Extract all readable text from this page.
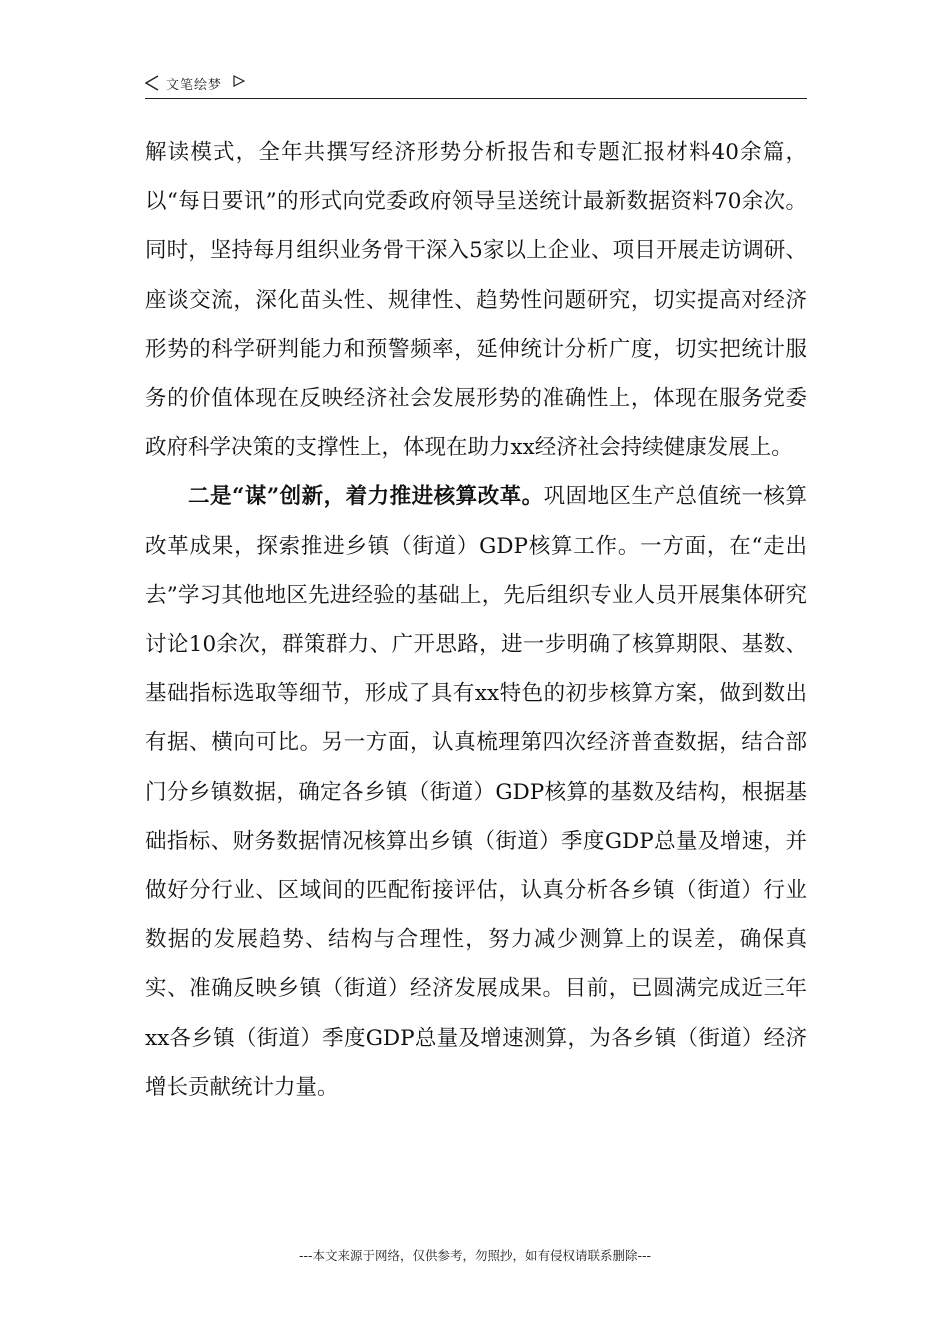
文笔绘梦

解读模式，全年共撰写经济形势分析报告和专题汇报材料40余篇，以“每日要讯”的形式向党委政府领导呈送统计最新数据资料70余次。同时，坚持每月组织业务骨干深入5家以上企业、项目开展走访调研、座谈交流，深化苗头性、规律性、趋势性问题研究，切实提高对经济形势的科学研判能力和预警频率，延伸统计分析广度，切实把统计服务的价值体现在反映经济社会发展形势的准确性上，体现在服务党委政府科学决策的支撑性上，体现在助力xx经济社会持续健康发展上。

二是“谋”创新，着力推进核算改革。巩固地区生产总值统一核算改革成果，探索推进乡镇（街道）GDP核算工作。一方面，在“走出去”学习其他地区先进经验的基础上，先后组织专业人员开展集体研究讨论10余次，群策群力、广开思路，进一步明确了核算期限、基数、基础指标选取等细节，形成了具有xx特色的初步核算方案，做到数出有据、横向可比。另一方面，认真梳理第四次经济普查数据，结合部门分乡镇数据，确定各乡镇（街道）GDP核算的基数及结构，根据基础指标、财务数据情况核算出乡镇（街道）季度GDP总量及增速，并做好分行业、区域间的匹配衔接评估，认真分析各乡镇（街道）行业数据的发展趋势、结构与合理性，努力减少测算上的误差，确保真实、准确反映乡镇（街道）经济发展成果。目前，已圆满完成近三年xx各乡镇（街道）季度GDP总量及增速测算，为各乡镇（街道）经济增长贡献统计力量。

---本文来源于网络，仅供参考，勿照抄，如有侵权请联系删除---
